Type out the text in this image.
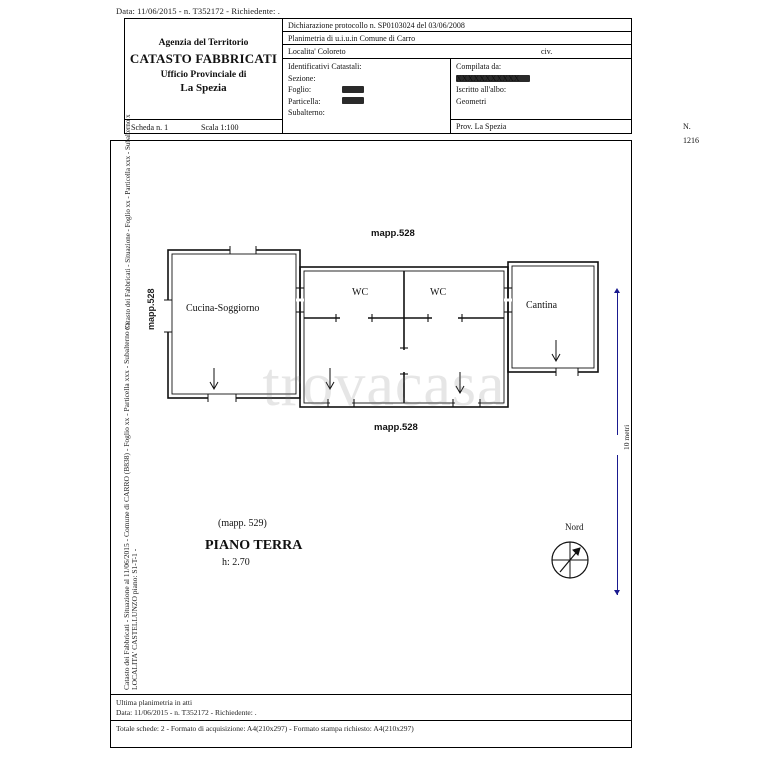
Data: 11/06/2015 - n. T352172 - Richiedente: .
Agenzia del Territorio
CATASTO FABBRICATI
Ufficio Provinciale di
La Spezia
Scheda n. 1	Scala 1:100
Dichiarazione protocollo n. SP0103024 del 03/06/2008
Planimetria di u.i.u.in Comune di Carro
Localita' Coloreto	civ.
Identificativi Catastali:
Sezione:
Foglio:
Particella:
Subalterno:
Compilata da:
XXXXXXXXXXX
Iscritto all'albo:
Geometri
Prov. La Spezia	N. 1216
Cucina-Soggiorno
WC	WC
Cantina
mapp.528
mapp.528
(mapp. 529)
PIANO TERRA
h: 2.70
Nord
mapp.528
Catasto dei Fabbricati - Situazione - Foglio xx - Particella xxx - Subalterno x
Catasto dei Fabbricati - Situazione al 11/06/2015 - Comune di CARRO (B838) - Foglio xx - Particella xxx - Subalterno xx LOCALITA' CASTELLUNZO piano: S1-T-1 -
10 metri
trovacasa
Ultima planimetria in atti
Data: 11/06/2015 - n. T352172 - Richiedente: .
Totale schede: 2 - Formato di acquisizione: A4(210x297) - Formato stampa richiesto: A4(210x297)
